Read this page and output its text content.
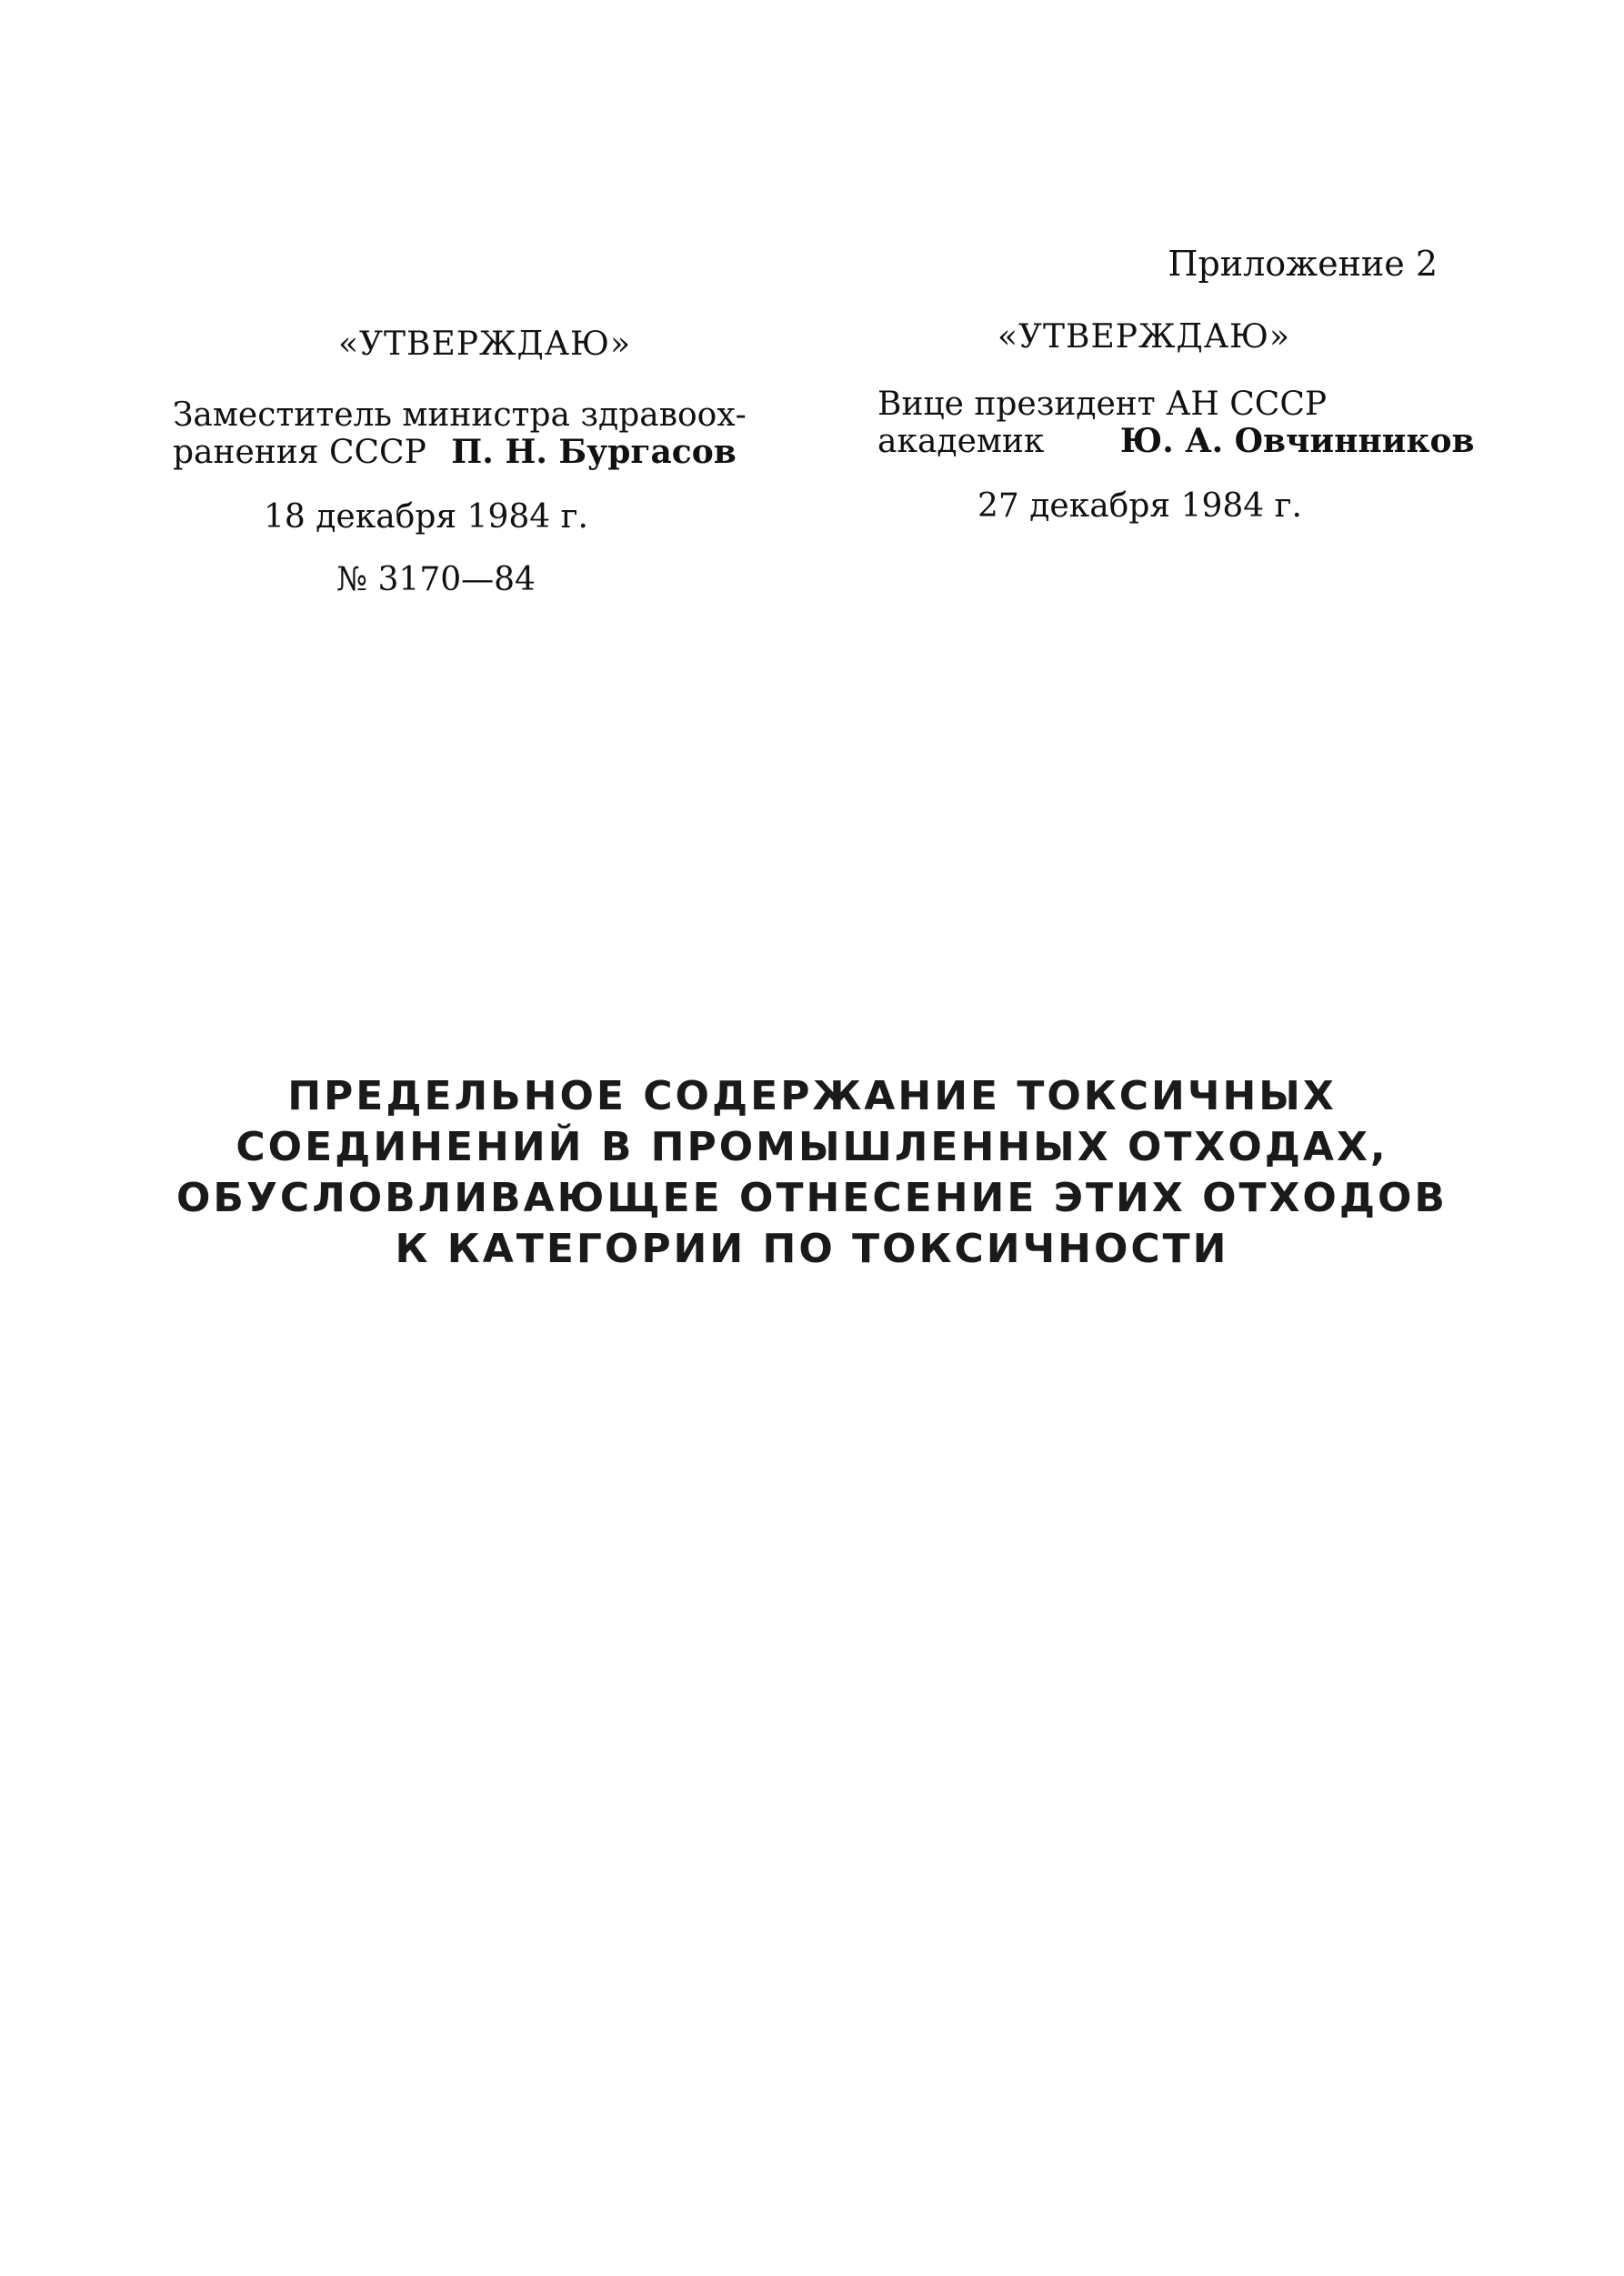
Приложение 2
«УТВЕРЖДАЮ»
Заместитель министра здравоох-
ранения СССР П. Н. Бургасов
18 декабря 1984 г.
№ 3170—84
«УТВЕРЖДАЮ»
Вице президент АН СССР
академик Ю. А. Овчинников
27 декабря 1984 г.
ПРЕДЕЛЬНОЕ СОДЕРЖАНИЕ ТОКСИЧНЫХ
СОЕДИНЕНИЙ В ПРОМЫШЛЕННЫХ ОТХОДАХ,
ОБУСЛОВЛИВАЮЩЕЕ ОТНЕСЕНИЕ ЭТИХ ОТХОДОВ
К КАТЕГОРИИ ПО ТОКСИЧНОСТИ
